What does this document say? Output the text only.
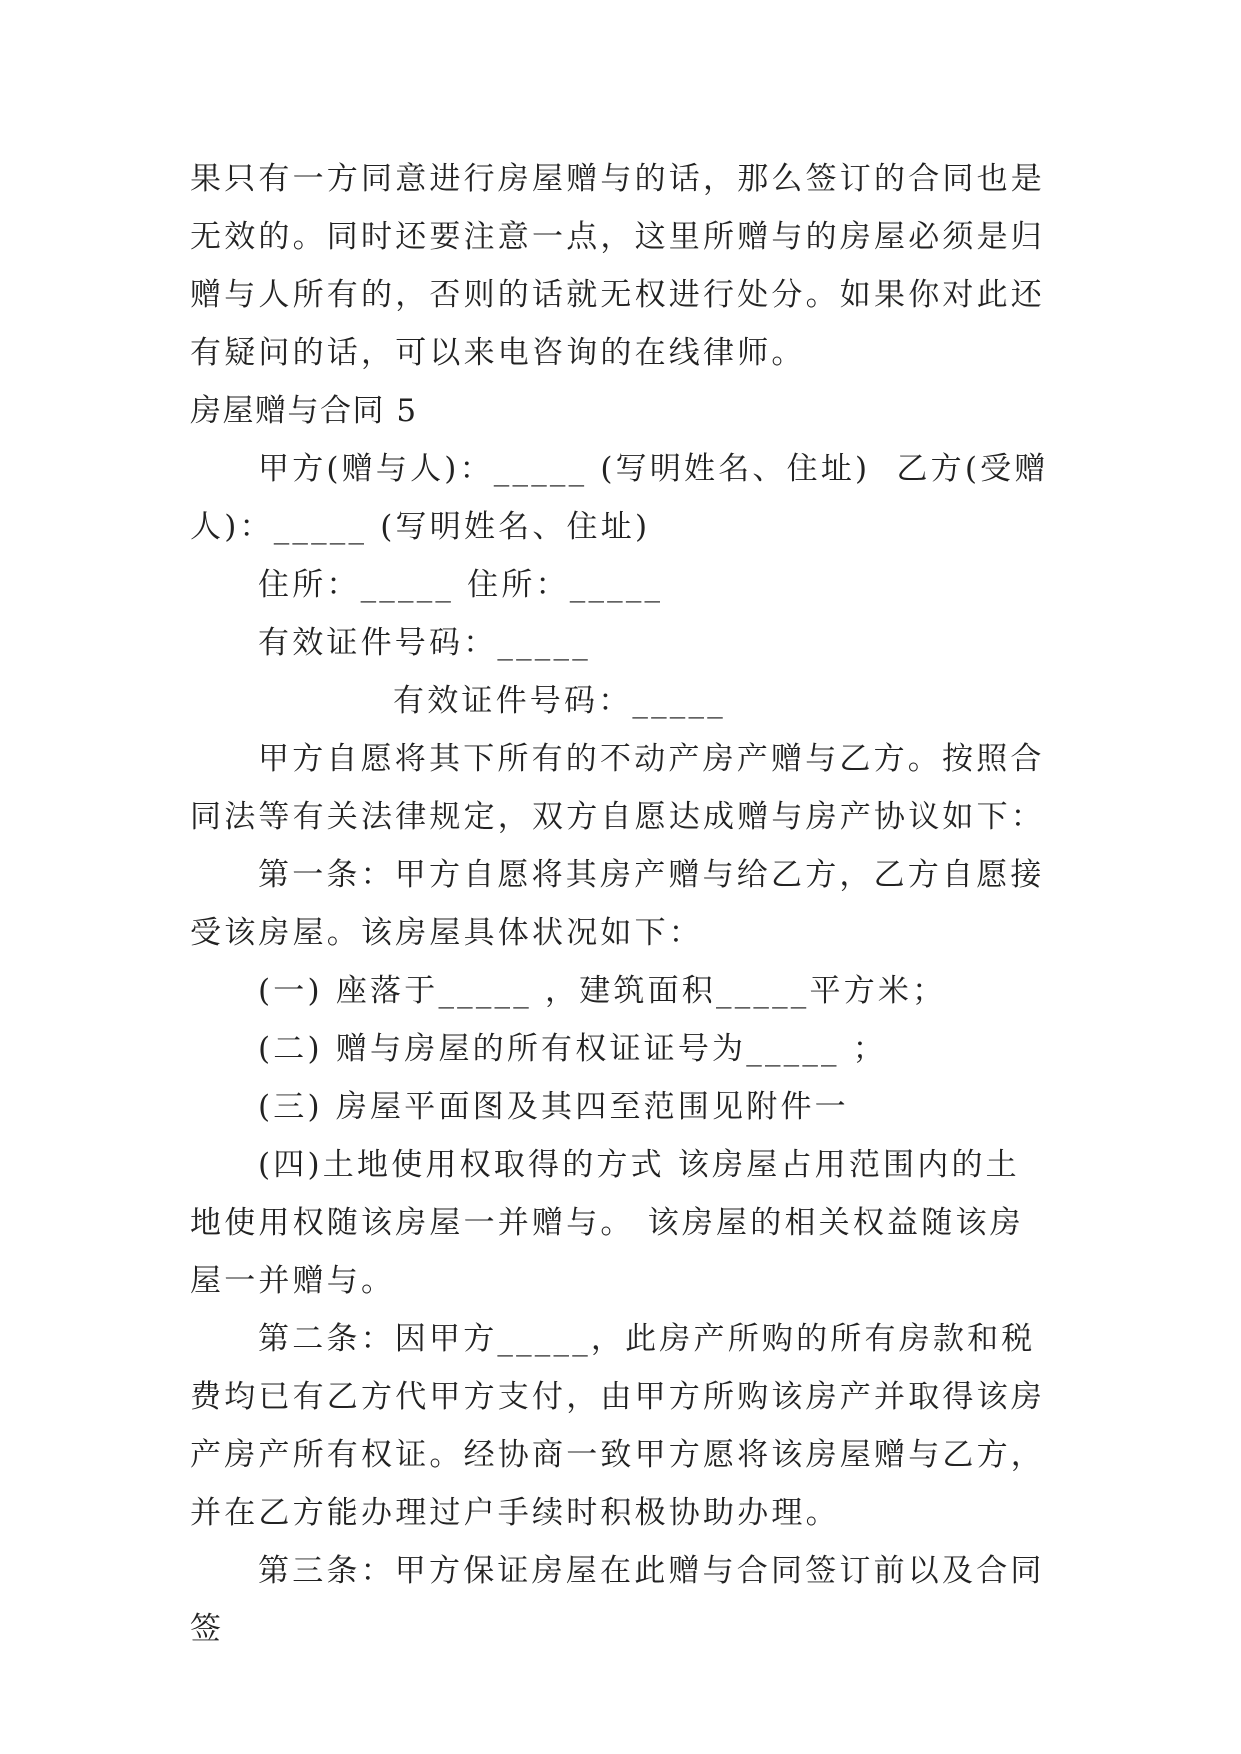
果只有一方同意进行房屋赠与的话，那么签订的合同也是无效的。同时还要注意一点，这里所赠与的房屋必须是归赠与人所有的，否则的话就无权进行处分。如果你对此还有疑问的话，可以来电咨询的在线律师。

房屋赠与合同 5

甲方(赠与人)：_____ (写明姓名、住址)  乙方(受赠人)：_____ (写明姓名、住址)

住所：_____ 住所：_____

有效证件号码：_____有效证件号码：_____

甲方自愿将其下所有的不动产房产赠与乙方。按照合同法等有关法律规定，双方自愿达成赠与房产协议如下：

第一条：甲方自愿将其房产赠与给乙方，乙方自愿接受该房屋。该房屋具体状况如下：

(一) 座落于_____ ，建筑面积_____平方米；

(二) 赠与房屋的所有权证证号为_____ ；

(三) 房屋平面图及其四至范围见附件一

(四)土地使用权取得的方式 该房屋占用范围内的土地使用权随该房屋一并赠与。 该房屋的相关权益随该房屋一并赠与。

第二条：因甲方_____，此房产所购的所有房款和税费均已有乙方代甲方支付，由甲方所购该房产并取得该房产房产所有权证。经协商一致甲方愿将该房屋赠与乙方，并在乙方能办理过户手续时积极协助办理。

第三条：甲方保证房屋在此赠与合同签订前以及合同签
